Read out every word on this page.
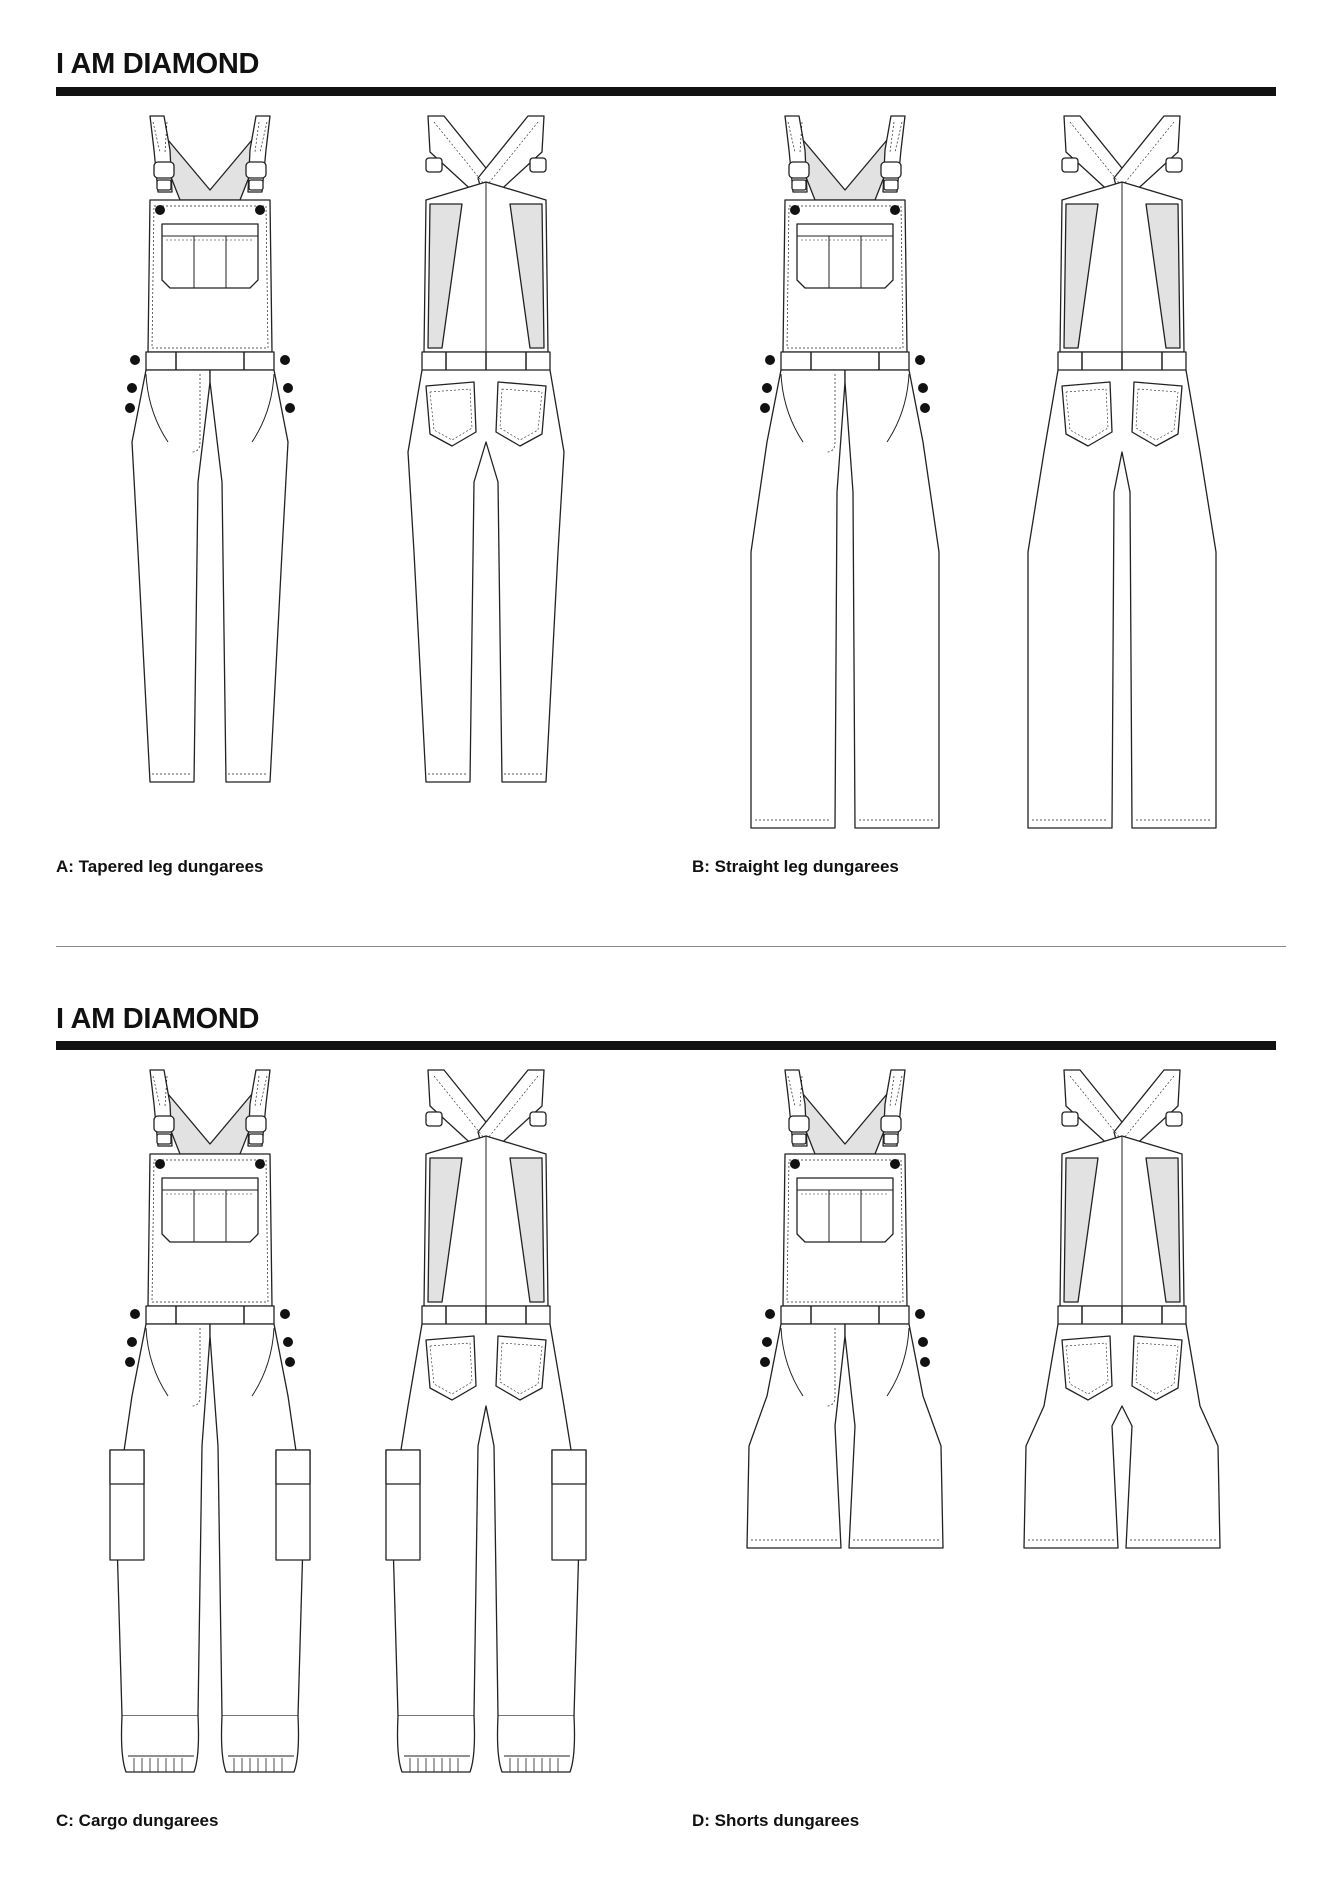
I AM DIAMOND

A: Tapered leg dungarees	B: Straight leg dungarees

I AM DIAMOND

C: Cargo dungarees	D: Shorts dungarees
